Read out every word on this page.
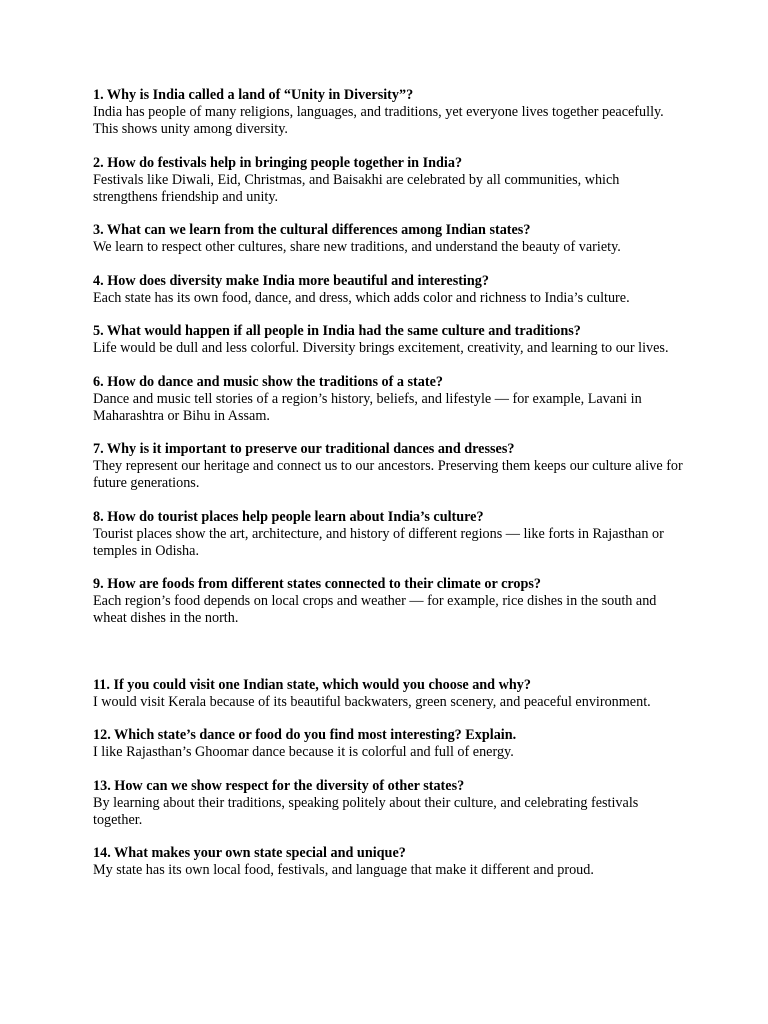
1. Why is India called a land of “Unity in Diversity”?

India has people of many religions, languages, and traditions, yet everyone lives together peacefully. This shows unity among diversity.

2. How do festivals help in bringing people together in India?

Festivals like Diwali, Eid, Christmas, and Baisakhi are celebrated by all communities, which strengthens friendship and unity.

3. What can we learn from the cultural differences among Indian states?

We learn to respect other cultures, share new traditions, and understand the beauty of variety.

4. How does diversity make India more beautiful and interesting?

Each state has its own food, dance, and dress, which adds color and richness to India’s culture.

5. What would happen if all people in India had the same culture and traditions?

Life would be dull and less colorful. Diversity brings excitement, creativity, and learning to our lives.

6. How do dance and music show the traditions of a state?

Dance and music tell stories of a region’s history, beliefs, and lifestyle — for example, Lavani in Maharashtra or Bihu in Assam.

7. Why is it important to preserve our traditional dances and dresses?

They represent our heritage and connect us to our ancestors. Preserving them keeps our culture alive for future generations.

8. How do tourist places help people learn about India’s culture?

Tourist places show the art, architecture, and history of different regions — like forts in Rajasthan or temples in Odisha.

9. How are foods from different states connected to their climate or crops?

Each region’s food depends on local crops and weather — for example, rice dishes in the south and wheat dishes in the north.

11. If you could visit one Indian state, which would you choose and why?

I would visit Kerala because of its beautiful backwaters, green scenery, and peaceful environment.

12. Which state’s dance or food do you find most interesting? Explain.

I like Rajasthan’s Ghoomar dance because it is colorful and full of energy.

13. How can we show respect for the diversity of other states?

By learning about their traditions, speaking politely about their culture, and celebrating festivals together.

14. What makes your own state special and unique?

My state has its own local food, festivals, and language that make it different and proud.
